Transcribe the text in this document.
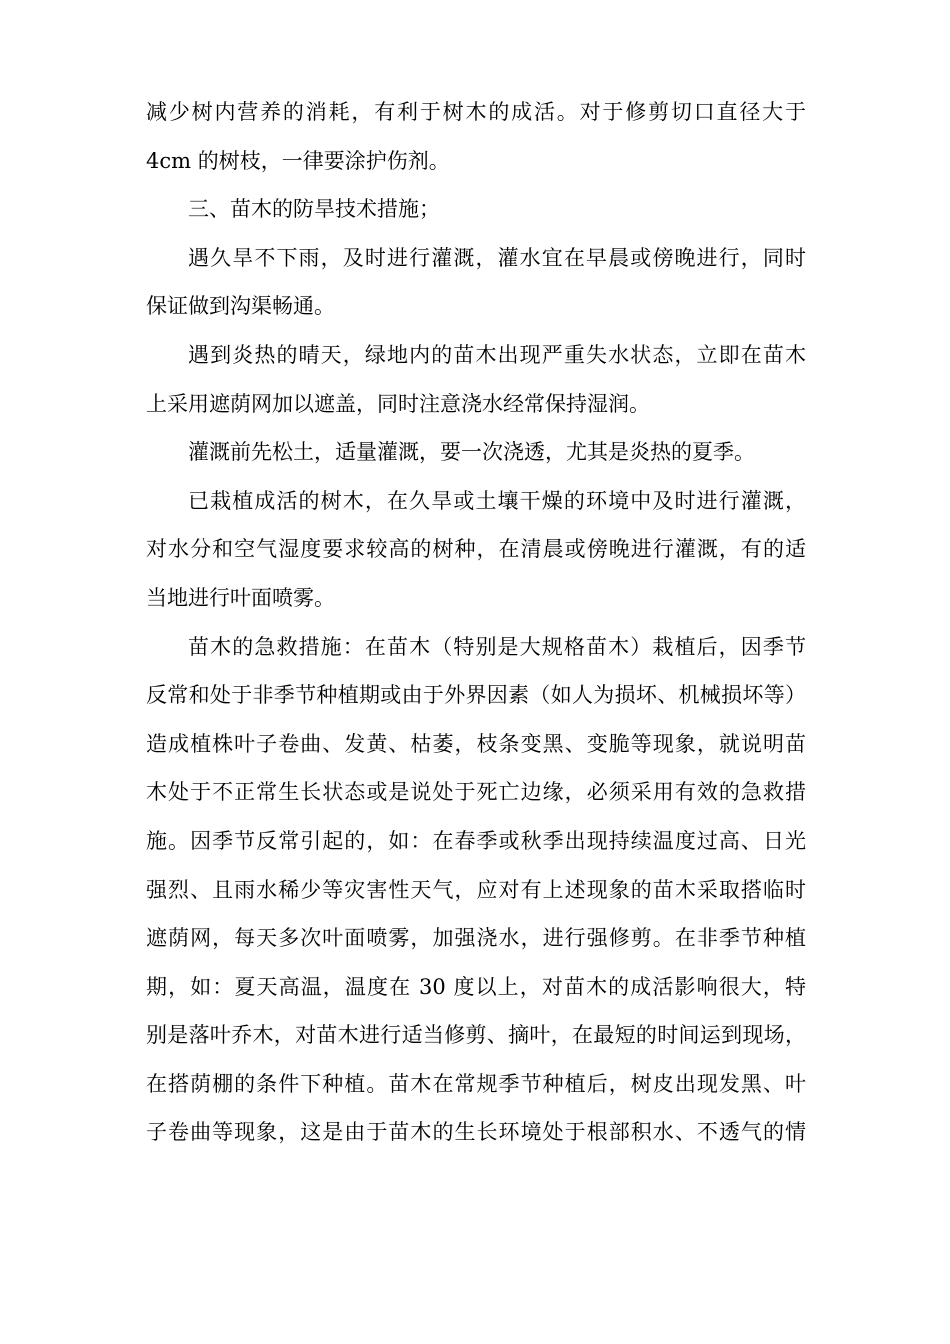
减少树内营养的消耗，有利于树木的成活。对于修剪切口直径大于
4cm 的树枝，一律要涂护伤剂。

三、苗木的防旱技术措施；

遇久旱不下雨，及时进行灌溉，灌水宜在早晨或傍晚进行，同时
保证做到沟渠畅通。

遇到炎热的晴天，绿地内的苗木出现严重失水状态，立即在苗木
上采用遮荫网加以遮盖，同时注意浇水经常保持湿润。

灌溉前先松土，适量灌溉，要一次浇透，尤其是炎热的夏季。

已栽植成活的树木，在久旱或土壤干燥的环境中及时进行灌溉，
对水分和空气湿度要求较高的树种，在清晨或傍晚进行灌溉，有的适
当地进行叶面喷雾。

苗木的急救措施：在苗木（特别是大规格苗木）栽植后，因季节
反常和处于非季节种植期或由于外界因素（如人为损坏、机械损坏等）
造成植株叶子卷曲、发黄、枯萎，枝条变黑、变脆等现象，就说明苗
木处于不正常生长状态或是说处于死亡边缘，必须采用有效的急救措
施。因季节反常引起的，如：在春季或秋季出现持续温度过高、日光
强烈、且雨水稀少等灾害性天气，应对有上述现象的苗木采取搭临时
遮荫网，每天多次叶面喷雾，加强浇水，进行强修剪。在非季节种植
期，如：夏天高温，温度在 30 度以上，对苗木的成活影响很大，特
别是落叶乔木，对苗木进行适当修剪、摘叶，在最短的时间运到现场，
在搭荫棚的条件下种植。苗木在常规季节种植后，树皮出现发黑、叶
子卷曲等现象，这是由于苗木的生长环境处于根部积水、不透气的情
